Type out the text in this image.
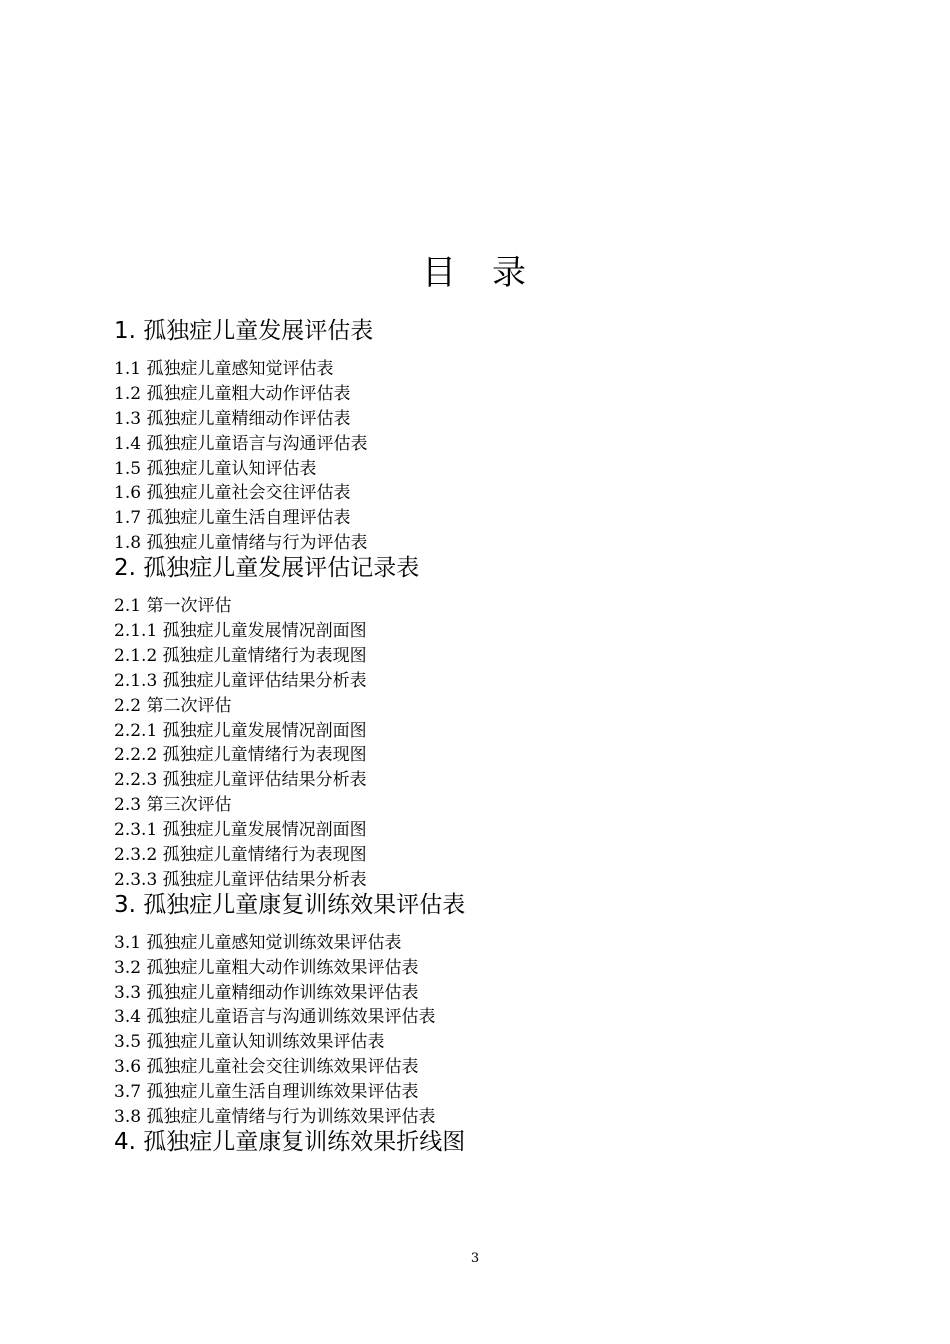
目 录
1. 孤独症儿童发展评估表
1.1 孤独症儿童感知觉评估表
1.2 孤独症儿童粗大动作评估表
1.3 孤独症儿童精细动作评估表
1.4 孤独症儿童语言与沟通评估表
1.5 孤独症儿童认知评估表
1.6 孤独症儿童社会交往评估表
1.7 孤独症儿童生活自理评估表
1.8 孤独症儿童情绪与行为评估表
2. 孤独症儿童发展评估记录表
2.1 第一次评估
2.1.1 孤独症儿童发展情况剖面图
2.1.2 孤独症儿童情绪行为表现图
2.1.3 孤独症儿童评估结果分析表
2.2 第二次评估
2.2.1 孤独症儿童发展情况剖面图
2.2.2 孤独症儿童情绪行为表现图
2.2.3 孤独症儿童评估结果分析表
2.3 第三次评估
2.3.1 孤独症儿童发展情况剖面图
2.3.2 孤独症儿童情绪行为表现图
2.3.3 孤独症儿童评估结果分析表
3. 孤独症儿童康复训练效果评估表
3.1 孤独症儿童感知觉训练效果评估表
3.2 孤独症儿童粗大动作训练效果评估表
3.3 孤独症儿童精细动作训练效果评估表
3.4 孤独症儿童语言与沟通训练效果评估表
3.5 孤独症儿童认知训练效果评估表
3.6 孤独症儿童社会交往训练效果评估表
3.7 孤独症儿童生活自理训练效果评估表
3.8 孤独症儿童情绪与行为训练效果评估表
4. 孤独症儿童康复训练效果折线图
3
